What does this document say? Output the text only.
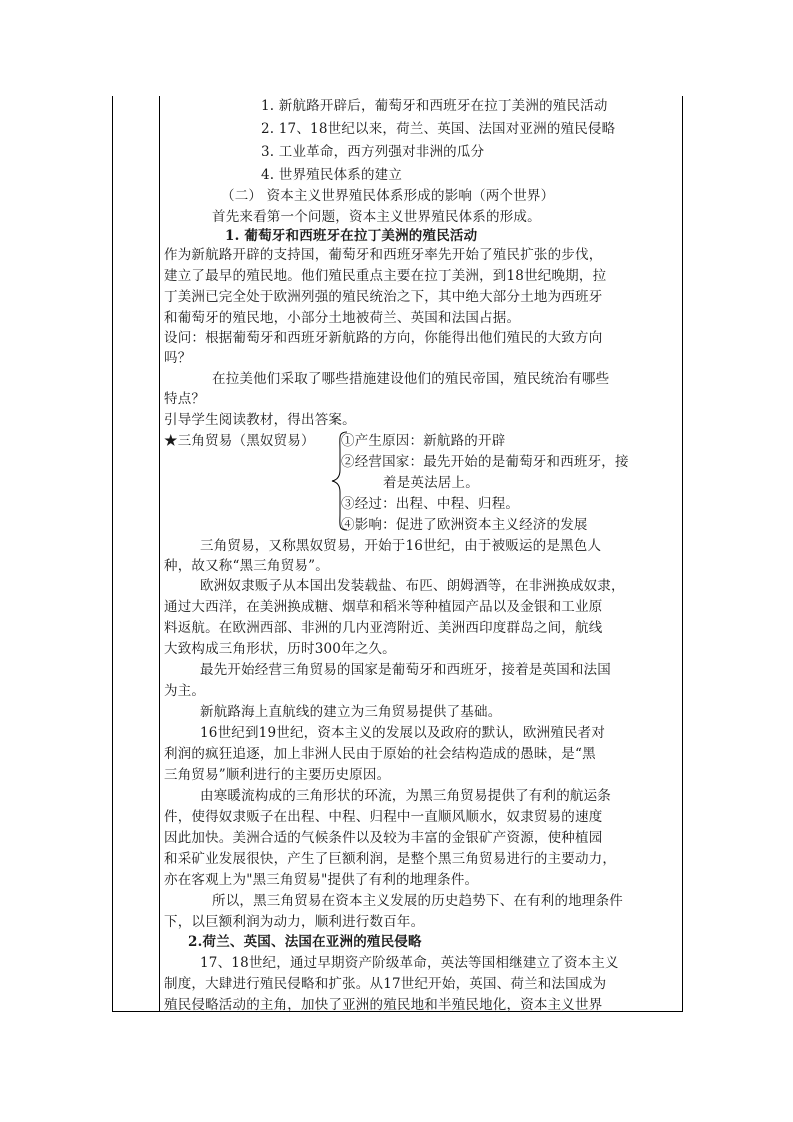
1. 新航路开辟后，葡萄牙和西班牙在拉丁美洲的殖民活动
2. 17、18世纪以来，荷兰、英国、法国对亚洲的殖民侵略
3. 工业革命，西方列强对非洲的瓜分
4. 世界殖民体系的建立
（二） 资本主义世界殖民体系形成的影响（两个世界）
首先来看第一个问题，资本主义世界殖民体系的形成。
1. 葡萄牙和西班牙在拉丁美洲的殖民活动
作为新航路开辟的支持国，葡萄牙和西班牙率先开始了殖民扩张的步伐，
建立了最早的殖民地。他们殖民重点主要在拉丁美洲，到18世纪晚期，拉
丁美洲已完全处于欧洲列强的殖民统治之下，其中绝大部分土地为西班牙
和葡萄牙的殖民地，小部分土地被荷兰、英国和法国占据。
设问：根据葡萄牙和西班牙新航路的方向，你能得出他们殖民的大致方向
吗？
在拉美他们采取了哪些措施建设他们的殖民帝国，殖民统治有哪些
特点？
引导学生阅读教材，得出答案。
★三角贸易（黑奴贸易） ①产生原因：新航路的开辟
②经营国家：最先开始的是葡萄牙和西班牙，接
着是英法居上。
③经过：出程、中程、归程。
④影响：促进了欧洲资本主义经济的发展
三角贸易，又称黑奴贸易，开始于16世纪，由于被贩运的是黑色人
种，故又称“黑三角贸易”。
欧洲奴隶贩子从本国出发装载盐、布匹、朗姆酒等，在非洲换成奴隶，
通过大西洋，在美洲换成糖、烟草和稻米等种植园产品以及金银和工业原
料返航。在欧洲西部、非洲的几内亚湾附近、美洲西印度群岛之间，航线
大致构成三角形状，历时300年之久。
最先开始经营三角贸易的国家是葡萄牙和西班牙，接着是英国和法国
为主。
新航路海上直航线的建立为三角贸易提供了基础。
16世纪到19世纪，资本主义的发展以及政府的默认，欧洲殖民者对
利润的疯狂追逐，加上非洲人民由于原始的社会结构造成的愚昧，是“黑
三角贸易”顺利进行的主要历史原因。
由寒暖流构成的三角形状的环流，为黑三角贸易提供了有利的航运条
件，使得奴隶贩子在出程、中程、归程中一直顺风顺水，奴隶贸易的速度
因此加快。美洲合适的气候条件以及较为丰富的金银矿产资源，使种植园
和采矿业发展很快，产生了巨额利润，是整个黑三角贸易进行的主要动力，
亦在客观上为"黑三角贸易"提供了有利的地理条件。
所以，黑三角贸易在资本主义发展的历史趋势下、在有利的地理条件
下，以巨额利润为动力，顺利进行数百年。
2.荷兰、英国、法国在亚洲的殖民侵略
17、18世纪，通过早期资产阶级革命，英法等国相继建立了资本主义
制度，大肆进行殖民侵略和扩张。从17世纪开始，英国、荷兰和法国成为
殖民侵略活动的主角，加快了亚洲的殖民地和半殖民地化，资本主义世界
